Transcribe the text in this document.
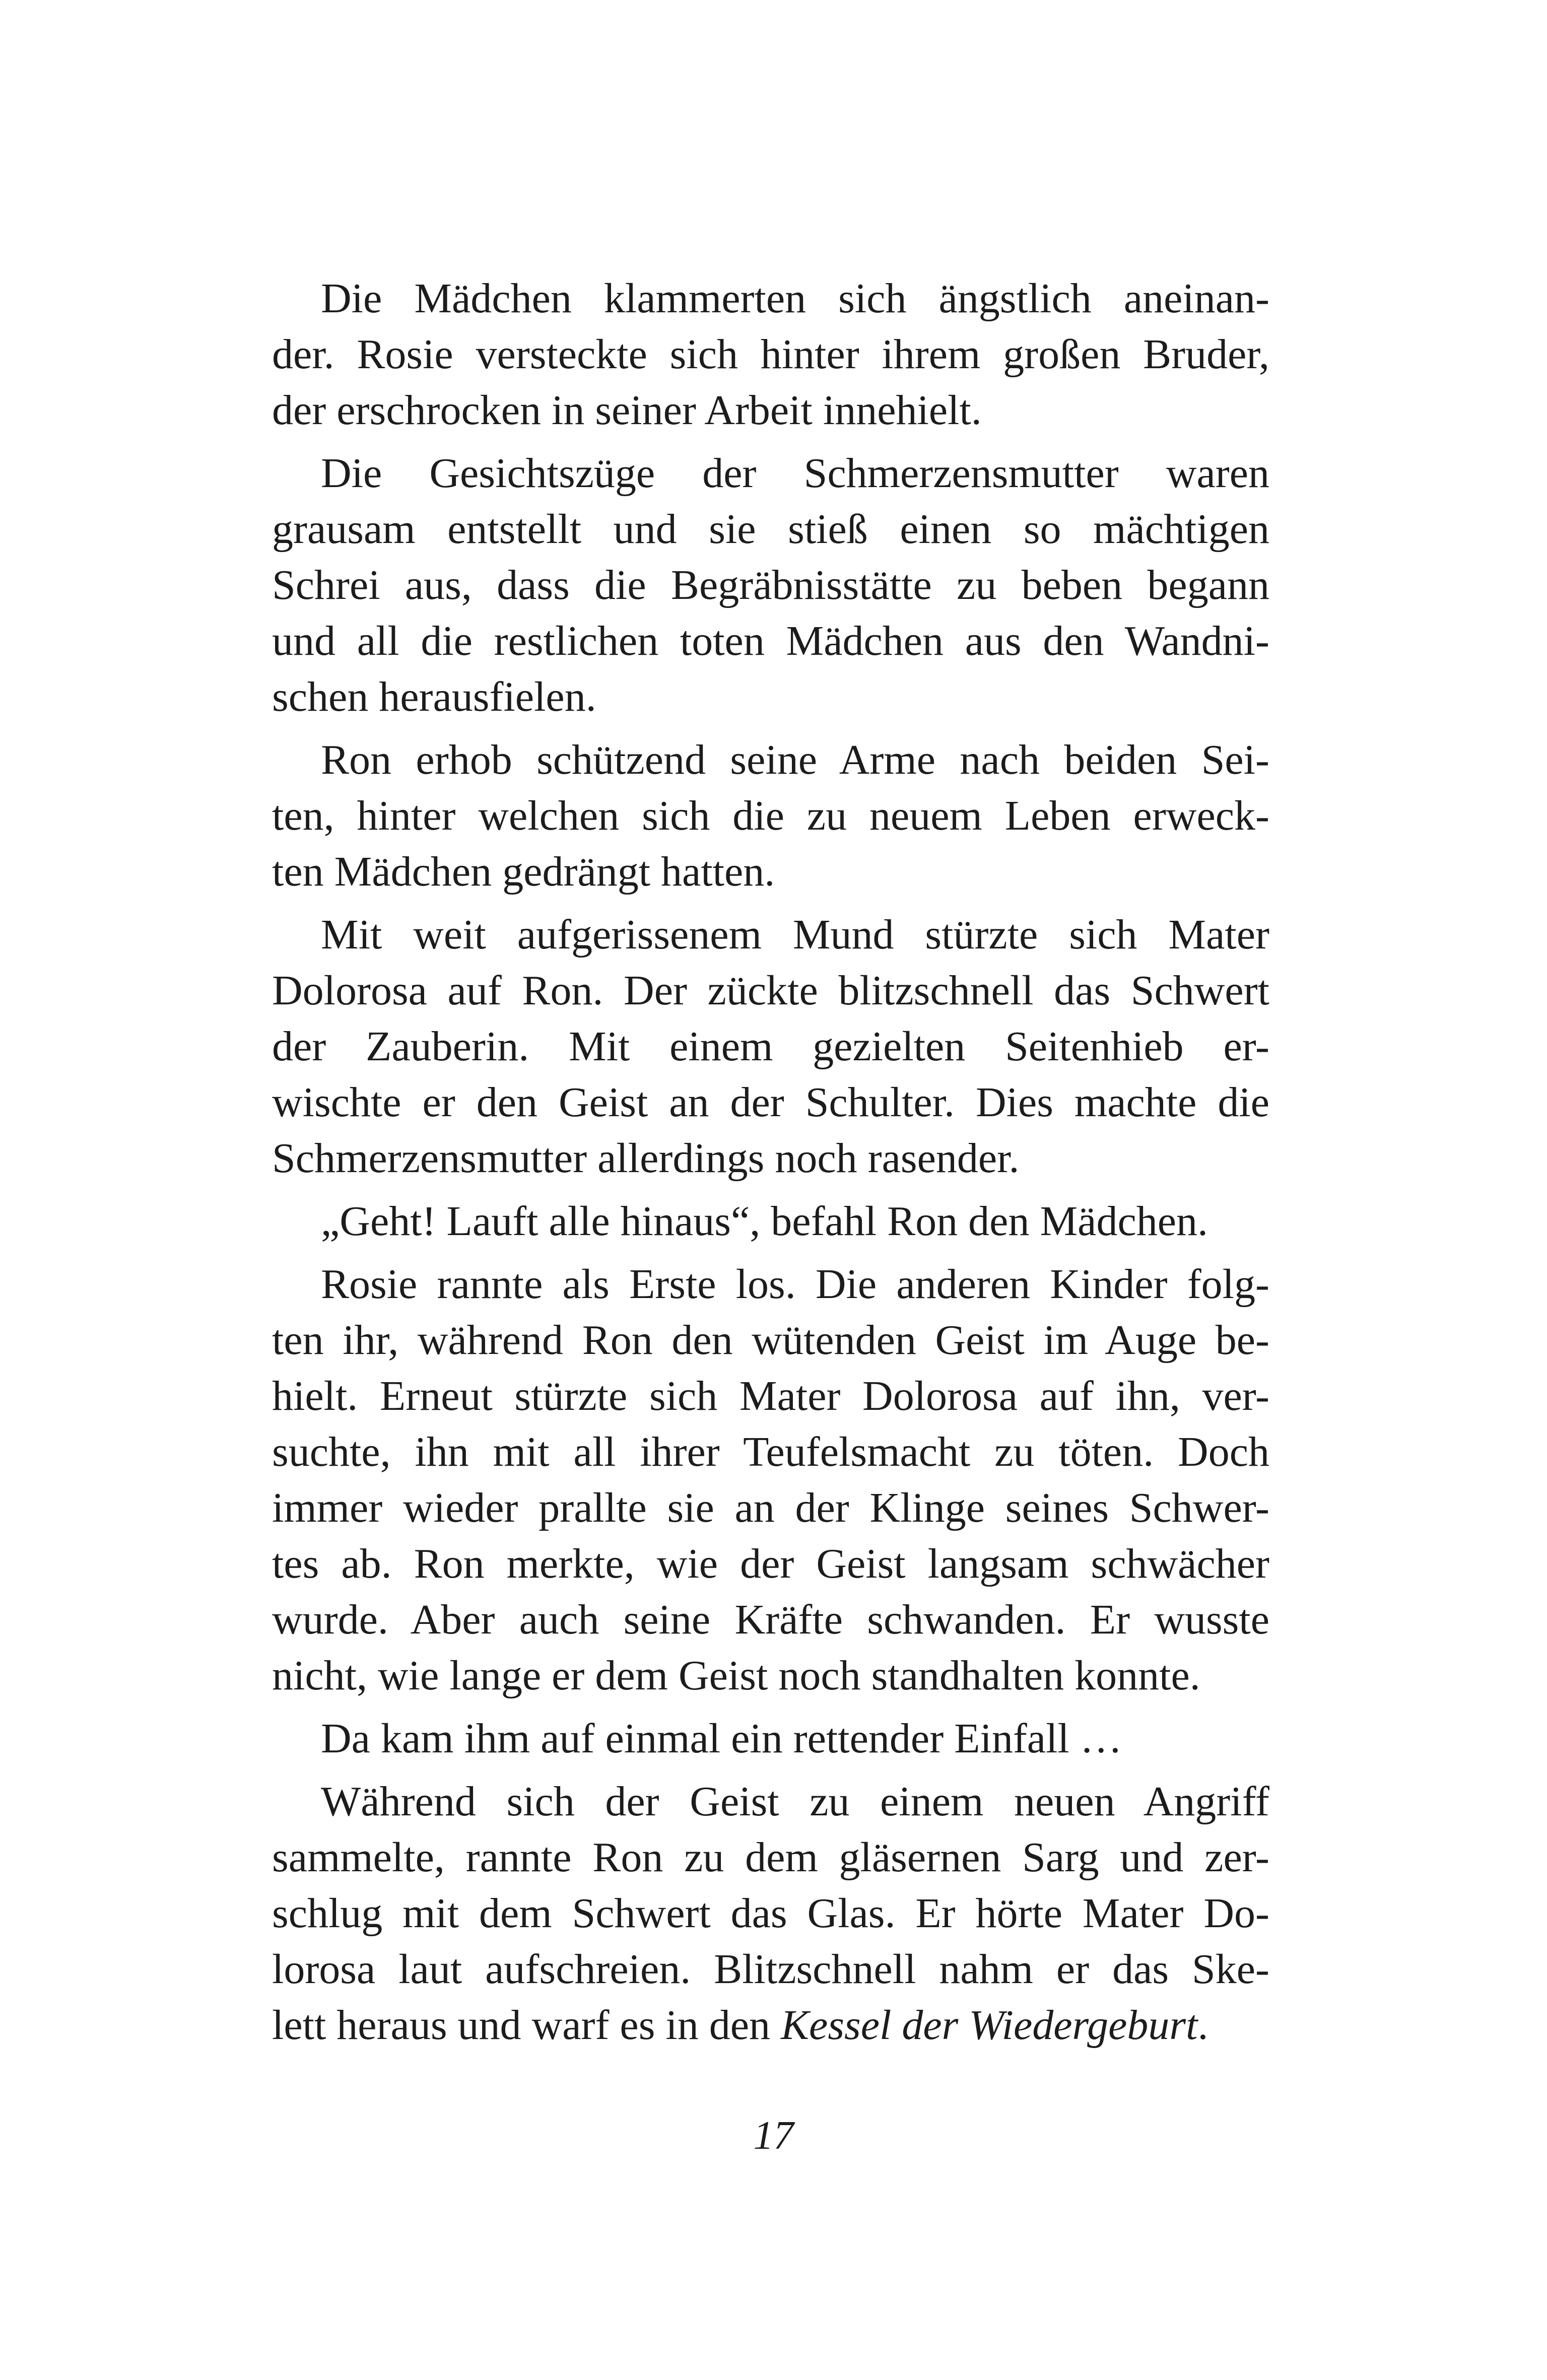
Die Mädchen klammerten sich ängstlich aneinan-
der. Rosie versteckte sich hinter ihrem großen Bruder,
der erschrocken in seiner Arbeit innehielt.
Die Gesichtszüge der Schmerzensmutter waren
grausam entstellt und sie stieß einen so mächtigen
Schrei aus, dass die Begräbnisstätte zu beben begann
und all die restlichen toten Mädchen aus den Wandni-
schen herausfielen.
Ron erhob schützend seine Arme nach beiden Sei-
ten, hinter welchen sich die zu neuem Leben erweck-
ten Mädchen gedrängt hatten.
Mit weit aufgerissenem Mund stürzte sich Mater
Dolorosa auf Ron. Der zückte blitzschnell das Schwert
der Zauberin. Mit einem gezielten Seitenhieb er-
wischte er den Geist an der Schulter. Dies machte die
Schmerzensmutter allerdings noch rasender.
„Geht! Lauft alle hinaus“, befahl Ron den Mädchen.
Rosie rannte als Erste los. Die anderen Kinder folg-
ten ihr, während Ron den wütenden Geist im Auge be-
hielt. Erneut stürzte sich Mater Dolorosa auf ihn, ver-
suchte, ihn mit all ihrer Teufelsmacht zu töten. Doch
immer wieder prallte sie an der Klinge seines Schwer-
tes ab. Ron merkte, wie der Geist langsam schwächer
wurde. Aber auch seine Kräfte schwanden. Er wusste
nicht, wie lange er dem Geist noch standhalten konnte.
Da kam ihm auf einmal ein rettender Einfall …
Während sich der Geist zu einem neuen Angriff
sammelte, rannte Ron zu dem gläsernen Sarg und zer-
schlug mit dem Schwert das Glas. Er hörte Mater Do-
lorosa laut aufschreien. Blitzschnell nahm er das Ske-
lett heraus und warf es in den Kessel der Wiedergeburt.
17
